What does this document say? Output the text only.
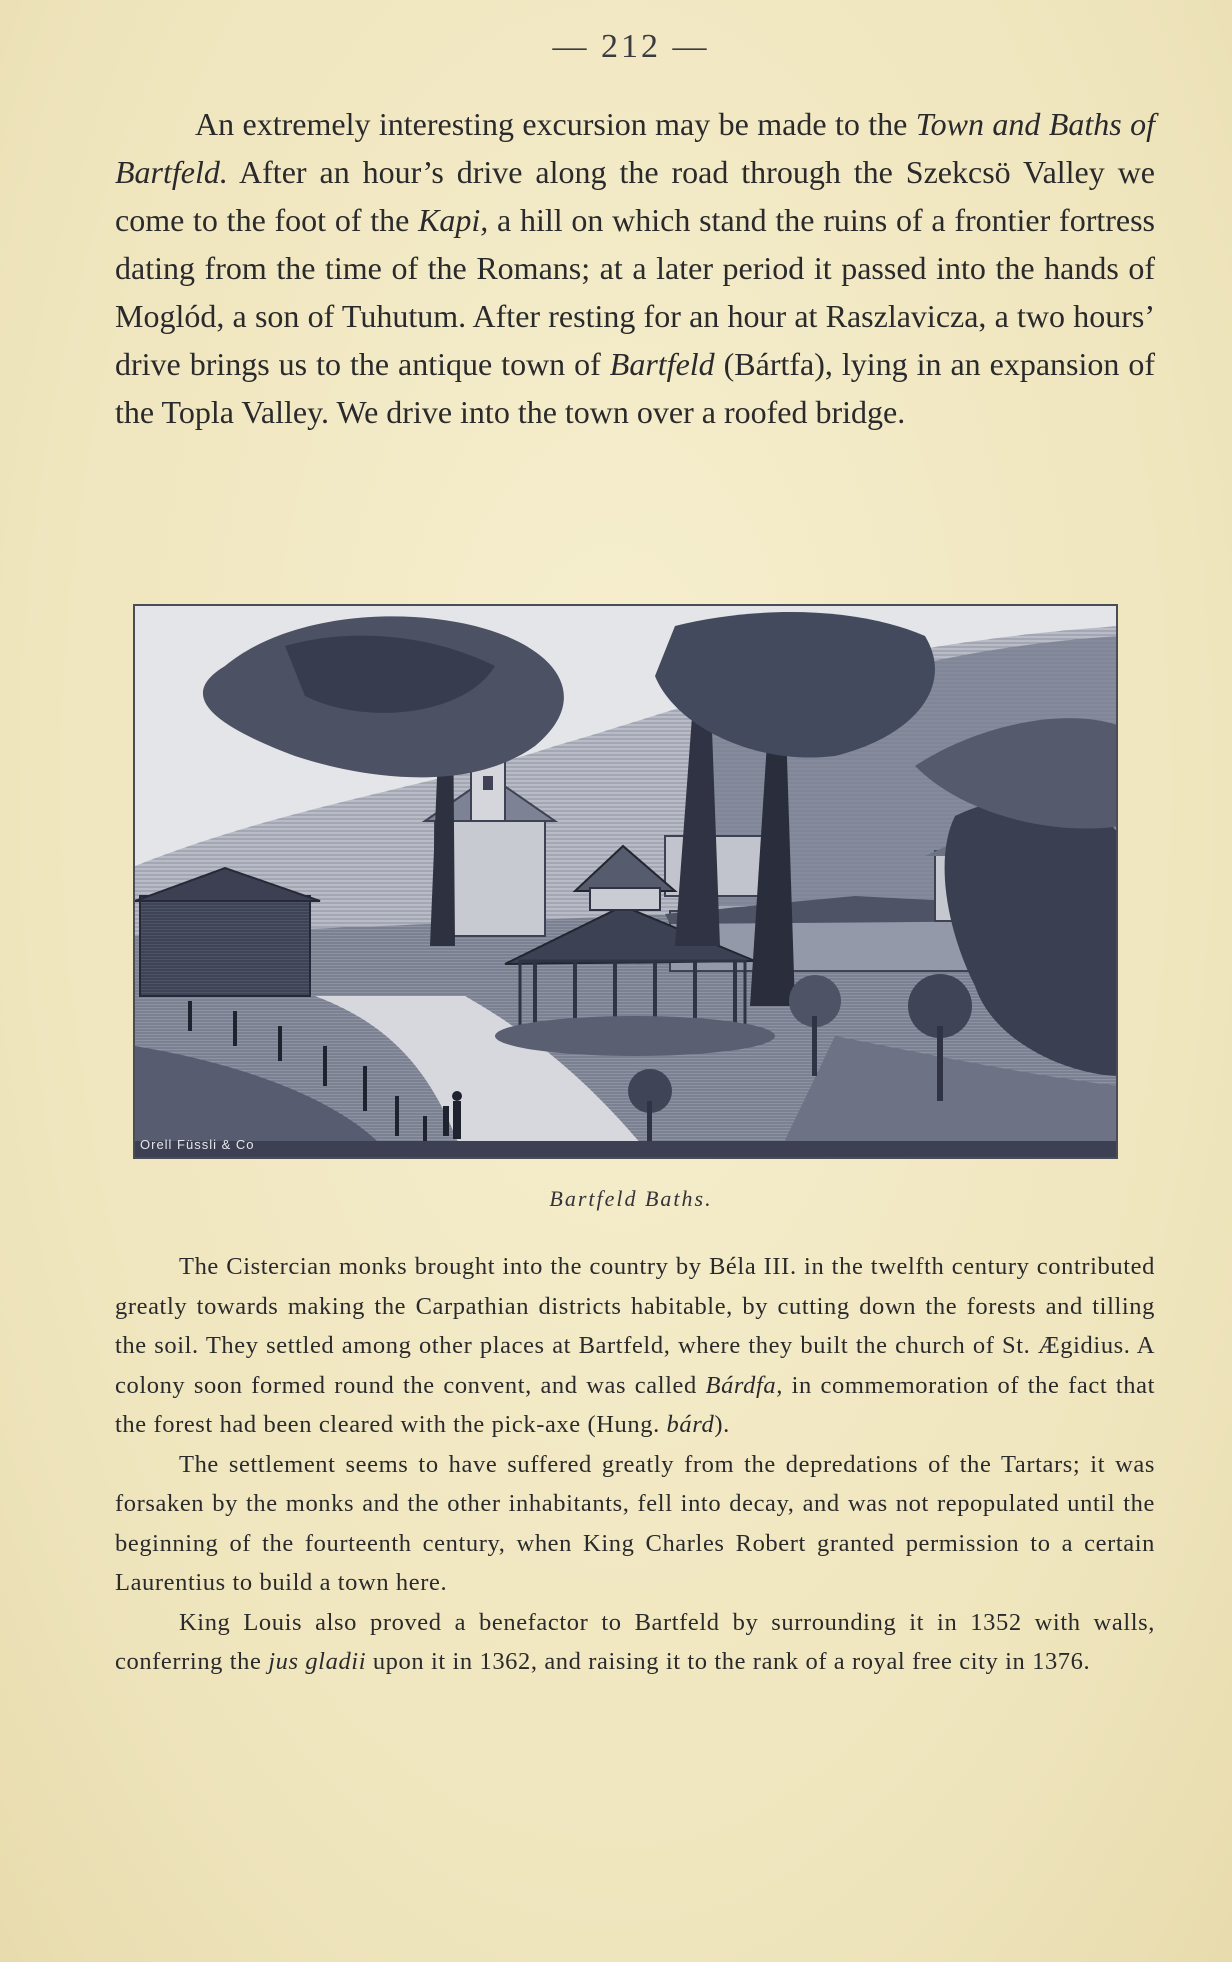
— 212 —
An extremely interesting excursion may be made to the Town and Baths of Bartfeld. After an hour’s drive along the road through the Szekcsö Valley we come to the foot of the Kapi, a hill on which stand the ruins of a frontier fortress dating from the time of the Romans; at a later period it passed into the hands of Moglód, a son of Tuhutum. After resting for an hour at Raszlavicza, a two hours’ drive brings us to the antique town of Bartfeld (Bártfa), lying in an expansion of the Topla Valley. We drive into the town over a roofed bridge.
Orell Füssli & Co
Bartfeld Baths.

The Cistercian monks brought into the country by Béla III. in the twelfth century contributed greatly towards making the Carpathian districts habitable, by cutting down the forests and tilling the soil. They settled among other places at Bartfeld, where they built the church of St. Ægidius. A colony soon formed round the convent, and was called Bárdfa, in commemoration of the fact that the forest had been cleared with the pick-axe (Hung. bárd).

The settlement seems to have suffered greatly from the depredations of the Tartars; it was forsaken by the monks and the other inhabitants, fell into decay, and was not repopulated until the beginning of the fourteenth century, when King Charles Robert granted permission to a certain Laurentius to build a town here.

King Louis also proved a benefactor to Bartfeld by surrounding it in 1352 with walls, conferring the jus gladii upon it in 1362, and raising it to the rank of a royal free city in 1376.
